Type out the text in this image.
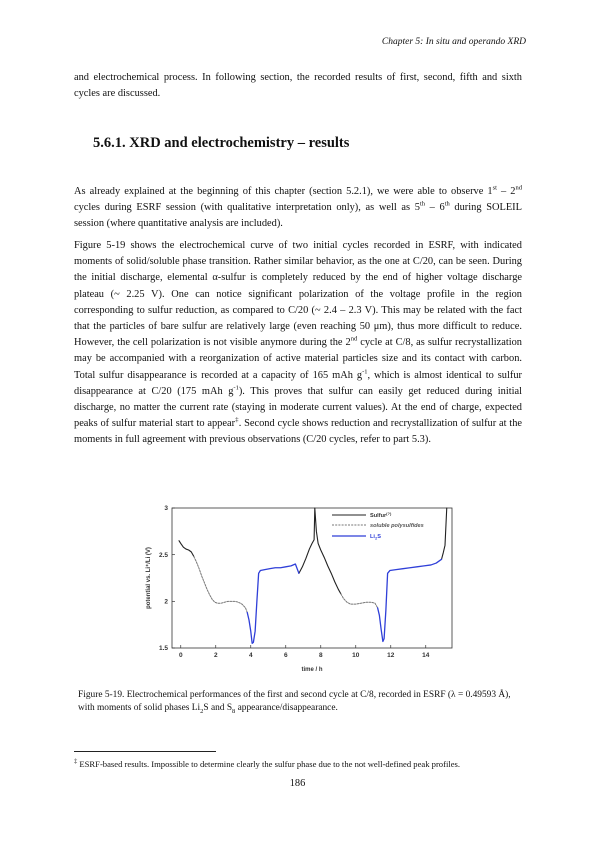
Chapter 5: In situ and operando XRD

and electrochemical process. In following section, the recorded results of first, second, fifth and sixth cycles are discussed.

5.6.1. XRD and electrochemistry – results

As already explained at the beginning of this chapter (section 5.2.1), we were able to observe 1st – 2nd cycles during ESRF session (with qualitative interpretation only), as well as 5th – 6th during SOLEIL session (where quantitative analysis are included).

Figure 5-19 shows the electrochemical curve of two initial cycles recorded in ESRF, with indicated moments of solid/soluble phase transition. Rather similar behavior, as the one at C/20, can be seen. During the initial discharge, elemental α-sulfur is completely reduced by the end of higher voltage discharge plateau (~ 2.25 V). One can notice significant polarization of the voltage profile in the region corresponding to sulfur reduction, as compared to C/20 (~ 2.4 – 2.3 V). This may be related with the fact that the particles of bare sulfur are relatively large (even reaching 50 μm), thus more difficult to reduce. However, the cell polarization is not visible anymore during the 2nd cycle at C/8, as sulfur recrystallization may be accompanied with a reorganization of active material particles size and its contact with carbon. Total sulfur disappearance is recorded at a capacity of 165 mAh $g^{-1}$, which is almost identical to sulfur disappearance at C/20 (175 mAh $g^{-1}$). This proves that sulfur can easily get reduced during initial discharge, no matter the current rate (staying in moderate current values). At the end of charge, expected peaks of sulfur material start to appear‡. Second cycle shows reduction and recrystallization of sulfur at the moments in full agreement with previous observations (C/20 cycles, refer to part 5.3).

1.5
2
2.5
3
0	2	4	6	8	10	12	14
time / h
potential vs. Li⁺/Li (V)
Sulfur(?)
soluble polysulfides
$Li_2S$

Figure 5-19. Electrochemical performances of the first and second cycle at C/8, recorded in ESRF (λ = 0.49593 Å), with moments of solid phases $Li_2S$ and $S_8$ appearance/disappearance.

‡ ESRF-based results. Impossible to determine clearly the sulfur phase due to the not well-defined peak profiles.

186
